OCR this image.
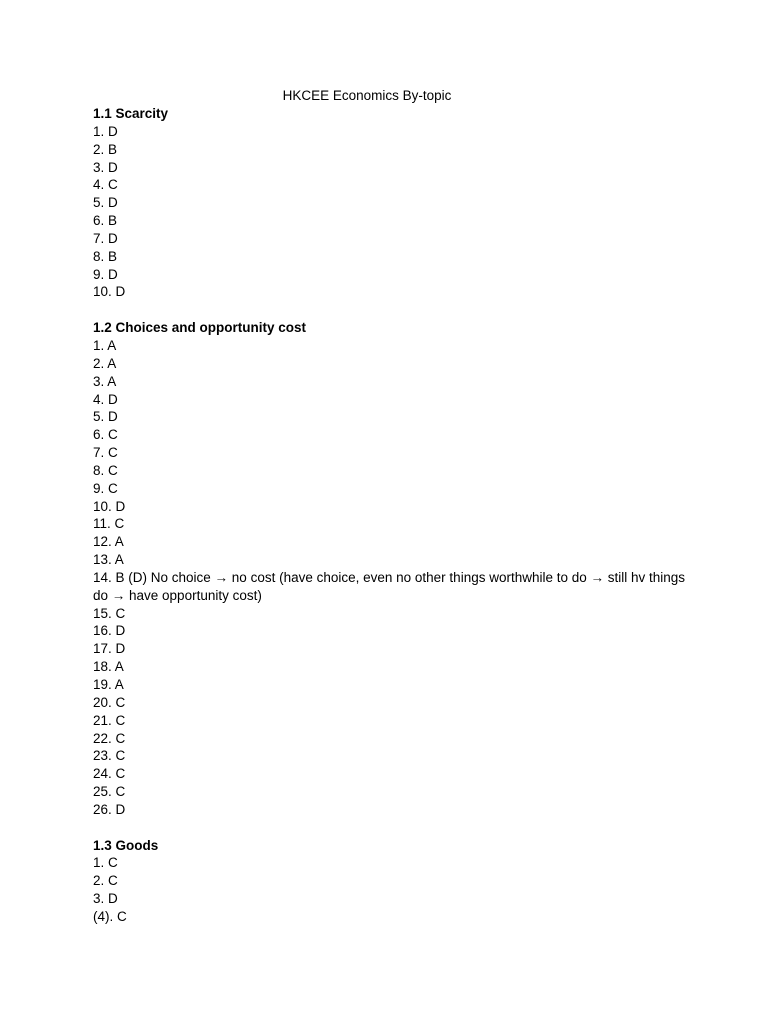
HKCEE Economics By-topic
1.1 Scarcity
1. D
2. B
3. D
4. C
5. D
6. B
7. D
8. B
9. D
10. D
1.2 Choices and opportunity cost
1. A
2. A
3. A
4. D
5. D
6. C
7. C
8. C
9. C
10. D
11. C
12. A
13. A
14. B (D) No choice → no cost (have choice, even no other things worthwhile to do → still hv things do → have opportunity cost)
15. C
16. D
17. D
18. A
19. A
20. C
21. C
22. C
23. C
24. C
25. C
26. D
1.3 Goods
1. C
2. C
3. D
(4). C
